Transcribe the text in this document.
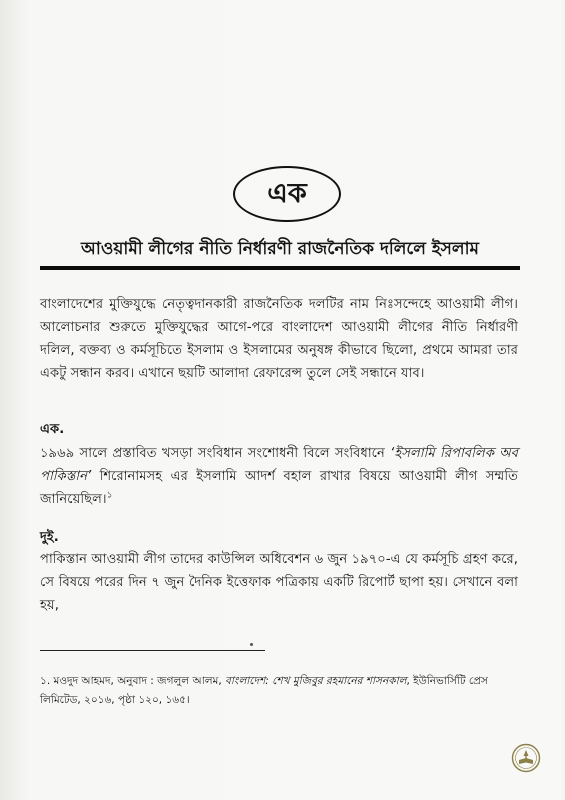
এক
আওয়ামী লীগের নীতি নির্ধারণী রাজনৈতিক দলিলে ইসলাম
বাংলাদেশের মুক্তিযুদ্ধে নেতৃত্বদানকারী রাজনৈতিক দলটির নাম নিঃসন্দেহে আওয়ামী লীগ। আলোচনার শুরুতে মুক্তিযুদ্ধের আগে-পরে বাংলাদেশ আওয়ামী লীগের নীতি নির্ধারণী দলিল, বক্তব্য ও কর্মসূচিতে ইসলাম ও ইসলামের অনুষঙ্গ কীভাবে ছিলো, প্রথমে আমরা তার একটু সন্ধান করব। এখানে ছয়টি আলাদা রেফারেন্স তুলে সেই সন্ধানে যাব।
এক.
১৯৬৯ সালে প্রস্তাবিত খসড়া সংবিধান সংশোধনী বিলে সংবিধানে ‘ইসলামি রিপাবলিক অব পাকিস্তান’ শিরোনামসহ এর ইসলামি আদর্শ বহাল রাখার বিষয়ে আওয়ামী লীগ সম্মতি জানিয়েছিল।$^১$
দুই.
পাকিস্তান আওয়ামী লীগ তাদের কাউন্সিল অধিবেশন ৬ জুন ১৯৭০-এ যে কর্মসূচি গ্রহণ করে, সে বিষয়ে পরের দিন ৭ জুন দৈনিক ইত্তেফাক পত্রিকায় একটি রিপোর্ট ছাপা হয়। সেখানে বলা হয়,
১. মওদুদ আহমদ, অনুবাদ : জগলুল আলম, বাংলাদেশ: শেখ মুজিবুর রহমানের শাসনকাল, ইউনিভার্সিটি প্রেস লিমিটেড, ২০১৬, পৃষ্ঠা ১২০, ১৬৫।
